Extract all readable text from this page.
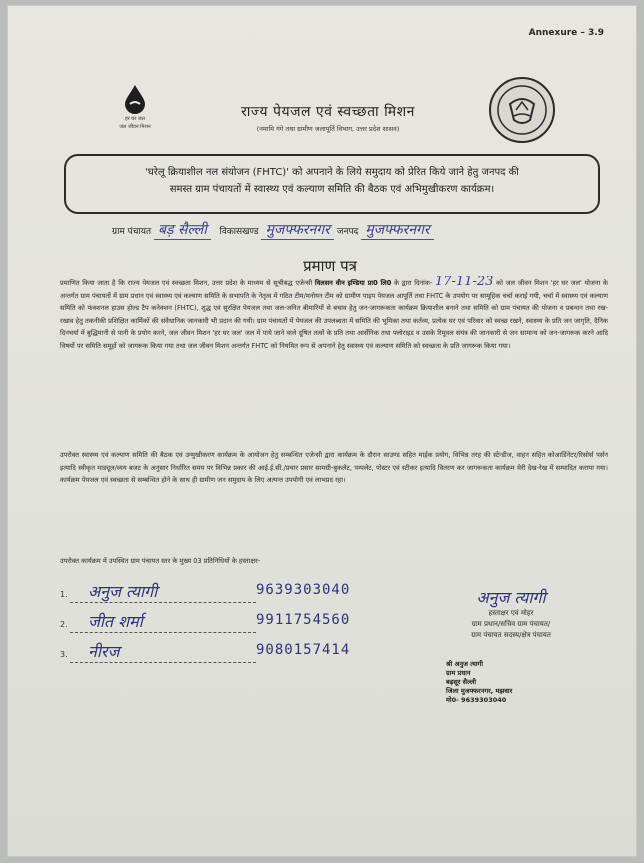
Annexure – 3.9
हर घर जल
जल जीवन मिशन
राज्य पेयजल एवं स्वच्छता मिशन
(नमामि गंगे तथा ग्रामीण जलापूर्ति विभाग, उत्तर प्रदेश शासन)
'घरेलू क्रियाशील नल संयोजन (FHTC)' को अपनाने के लिये समुदाय को प्रेरित किये जाने हेतु जनपद की
समस्त ग्राम पंचायतों में स्वास्थ्य एवं कल्याण समिति की बैठक एवं अभिमुखीकरण कार्यक्रम।
ग्राम पंचायत बड़ सैल्ली विकासखण्ड मुजफ्फरनगर जनपद मुजफ्फरनगर
प्रमाण पत्र
प्रमाणित किया जाता है कि राज्य पेयजल एवं स्वच्छता मिशन, उत्तर प्रदेश के माध्यम से सूचीबद्ध एजेन्सी विलसन वीन इण्डिया प्रा0 लि0 के द्वारा दिनांक- 17-11-23 को जल जीवन मिशन 'हर घर जल' योजना के अन्तर्गत ग्राम पंचायतों में ग्राम प्रधान एवं स्वास्थ्य एवं कल्याण समिति के सभापति के नेतृत्व में गठित टीम/मनोयन टीम को ग्रामीण पाइप पेयजल आपूर्ति तथा FHTC के उपयोग पर सामूहिक चर्चा कराई गयी, चर्चा में स्वास्थ्य एवं कल्याण समिति को फंक्शनल हाउस होल्ड टैप कनेक्शन (FHTC), शुद्ध एवं सुरक्षित पेयजल तथा जल-जनित बीमारियों से बचाव हेतु जन-जागरूकता कार्यक्रम क्रियाशील बनाने तथा समिति को ग्राम पंचायत की योजना व प्रबन्धन तथा रख-रखाव हेतु तकनीकी प्रशिक्षित कार्मिकों की संवैधानिक जानकारी भी प्रदान की गयी। ग्राम पंचायतों में पेयजल की उपलब्धता में समिति की भूमिका तथा कर्तव्य, प्रत्येक घर एवं परिवार को स्वच्छ रखने, स्वास्थ्य के प्रति जन जागृति, दैनिक दिनचर्या में बुद्धिमानी से पानी के प्रयोग करने, जल जीवन मिशन 'हर घर जल' जल में पाये जाने वाले दूषित तत्वों के प्रति तथा आर्सेनिक तथा फ्लोराइड व उसके रिमूवल संयंत्र की जानकारी से जन सामान्य को जन-जागरूक करने आदि विषयों पर समिति समूहों को जागरूक किया गया तथा जल जीवन मिशन अन्तर्गत FHTC को नियमित रूप से अपनाने हेतु स्वास्थ्य एवं कल्याण समिति को स्वच्छता के प्रति जागरूक किया गया।
उपरोक्त स्वास्थ्य एवं कल्याण समिति की बैठक एवं उन्मुखीकरण कार्यक्रम के आयोजन हेतु सम्बन्धित एजेन्सी द्वारा कार्यक्रम के दौरान साउण्ड सहित माईक प्रयोग, विभिन्न तरह की स्टेन्डीज, वाहन सहित कोआर्डिनेटर/रिसोर्स पर्सन इत्यादि स्वीकृत माड्यूल/व्यय बजट के अनुसार निर्धारित समय पर विभिन्न प्रकार की आई.ई.सी./प्रचार प्रसार सामग्री-बुकलेट, पम्पलेट, पोस्टर एवं स्टीकर इत्यादि वितरण कर जागरूकता कार्यक्रम मेरी देख-रेख में सम्पादित कराया गया। कार्यक्रम पेयजल एवं स्वच्छता से सम्बन्धित होने के साथ ही ग्रामीण जन समुदाय के लिए अत्यन्त उपयोगी एवं लाभप्रद रहा।
उपरोक्त कार्यक्रम में उपस्थित ग्राम पंचायत स्तर के मुख्य 03 प्रतिनिधियों के हस्ताक्षर-
1. अनुज त्यागी	9639303040
2. जीत शर्मा	9911754560
3. नीरज	9080157414
अनुज त्यागी
हस्ताक्षर एवं मोहर
ग्राम प्रधान/सचिव ग्राम पंचायत/
ग्राम पंचायत सदस्य/क्षेत्र पंचायत
श्री अनुज त्यागी
ग्राम प्रधान
बढ़सूर सैल्ली
जिला मुजफ्फरनगर, मझवार
मो0- 9639303040
